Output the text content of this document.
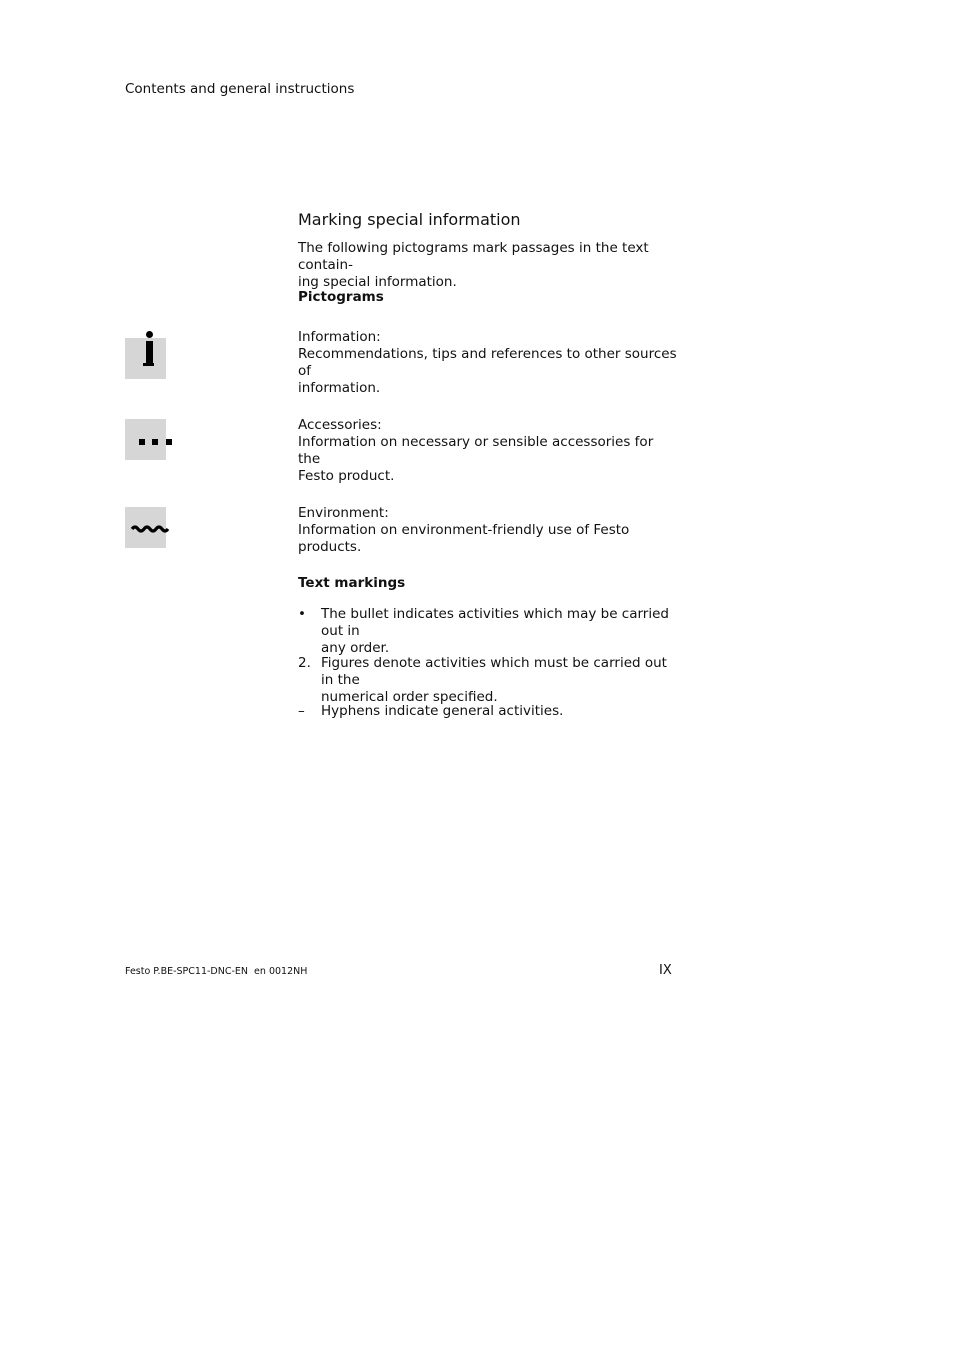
Contents and general instructions
Marking special information
The following pictograms mark passages in the text contain-
ing special information.
Pictograms
Information:
Recommendations, tips and references to other sources of
information.
Accessories:
Information on necessary or sensible accessories for the
Festo product.
Environment:
Information on environment-friendly use of Festo products.
Text markings
•	The bullet indicates activities which may be carried out in
any order.
2. Figures denote activities which must be carried out in the
numerical order specified.
–	Hyphens indicate general activities.
Festo P.BE-SPC11-DNC-EN  en 0012NH	IX
